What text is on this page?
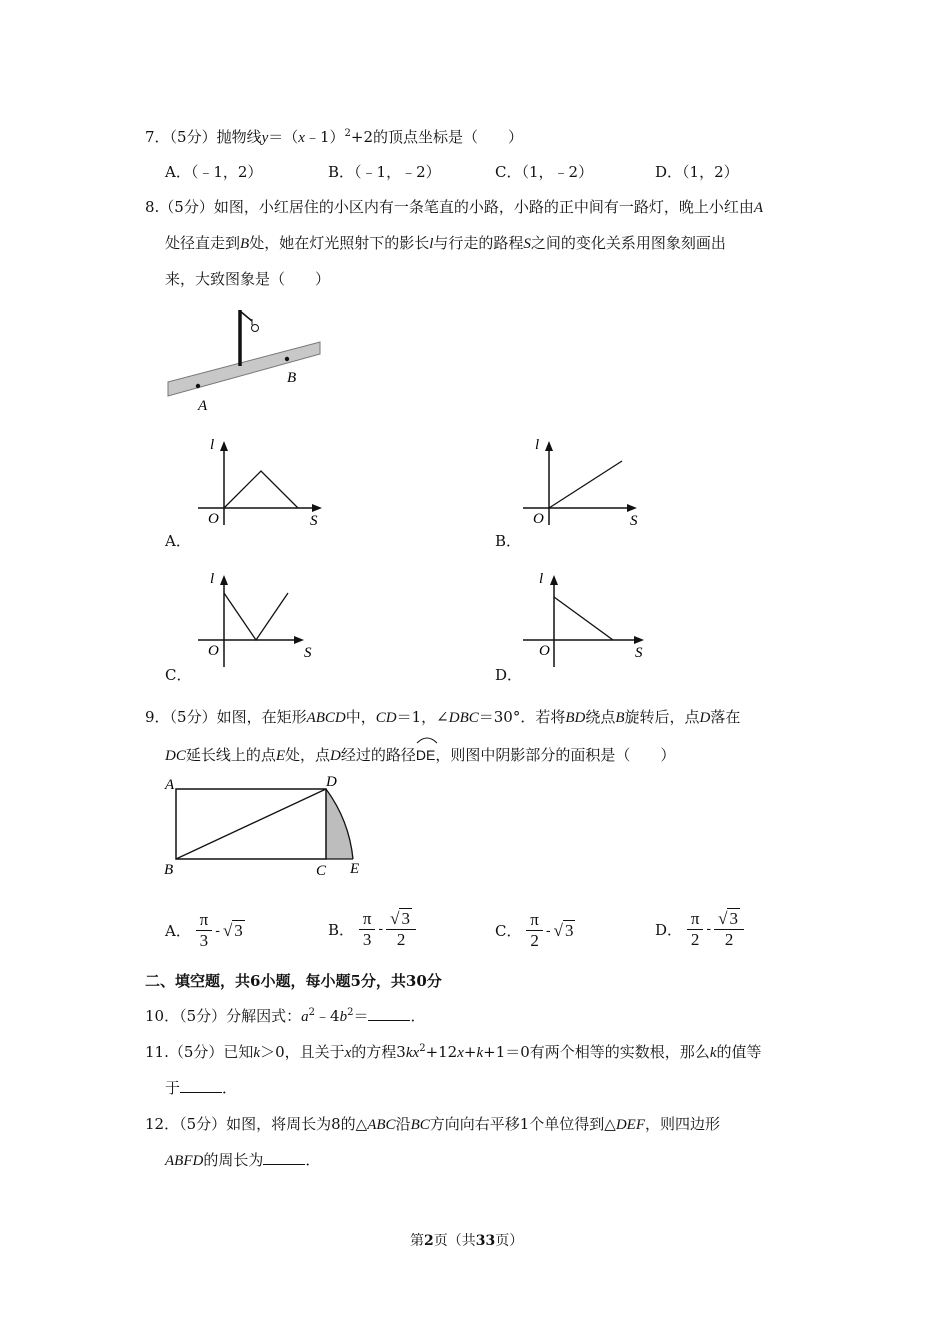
7．（5分）抛物线y＝（x﹣1）$^2$+2的顶点坐标是（　　）
A．（﹣1，2）	B．（﹣1，﹣2）	C．（1，﹣2）	D．（1，2）
8.（5分）如图，小红居住的小区内有一条笔直的小路，小路的正中间有一路灯，晚上小红由A
处径直走到B处，她在灯光照射下的影长l与行走的路程S之间的变化关系用图象刻画出
来，大致图象是（　　）
A
B
l
O	S
A．
l
O	S
B．
l
O	S
C．
l
O	S
D．
9．（5分）如图，在矩形ABCD中，CD＝1，∠DBC＝30°．若将BD绕点B旋转后，点D落在
DC延长线上的点E处，点D经过的路径
DE，则图中阴影部分的面积是（　　）
A	D
B	C E
A． $\frac{\pi}{3}$ - √ 3	B． $\frac{\pi}{3} - \frac{√ 3}{2}$	C． $\frac{\pi}{2}$ - √ 3	D． $\frac{\pi}{2} - \frac{√ 3}{2}$
二、填空题，共6小题，每小题5分，共30分
10．（5分）分解因式：$a^2﹣4b^2=$	．
11.（5分）已知k＞0，且关于x的方程$3kx^2+12x+k+1=0$有两个相等的实数根，那么k的值等
于	．
12．（5分）如图，将周长为8的△ABC沿BC方向向右平移1个单位得到△DEF，则四边形
ABFD的周长为	．
第2页（共33页）
